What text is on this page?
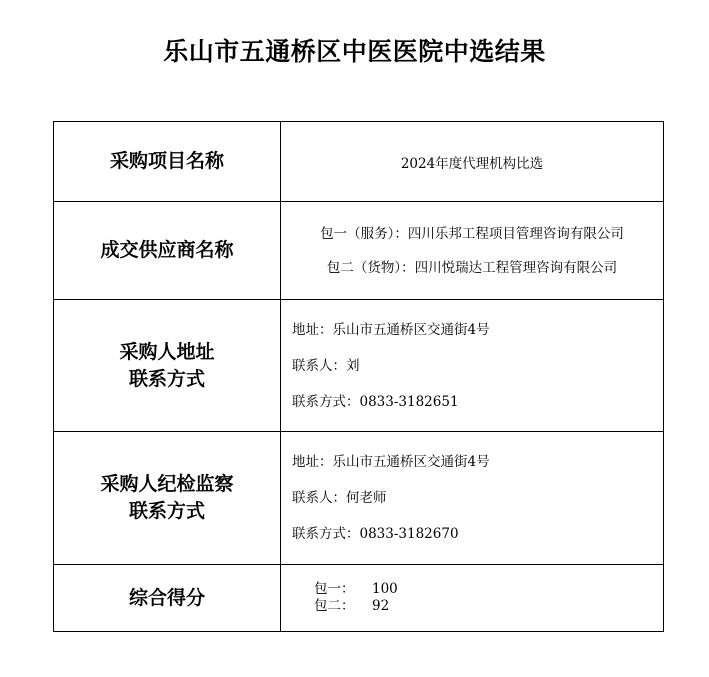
乐山市五通桥区中医医院中选结果
采购项目名称	2024年度代理机构比选
成交供应商名称	包一（服务）：四川乐邦工程项目管理咨询有限公司
包二（货物）：四川悦瑞达工程管理咨询有限公司

采购人地址
联系方式	地址：乐山市五通桥区交通街4号
联系人：刘
联系方式：0833-3182651

采购人纪检监察
联系方式	地址：乐山市五通桥区交通街4号
联系人：何老师
联系方式：0833-3182670

综合得分	包一： 100
包二： 92
